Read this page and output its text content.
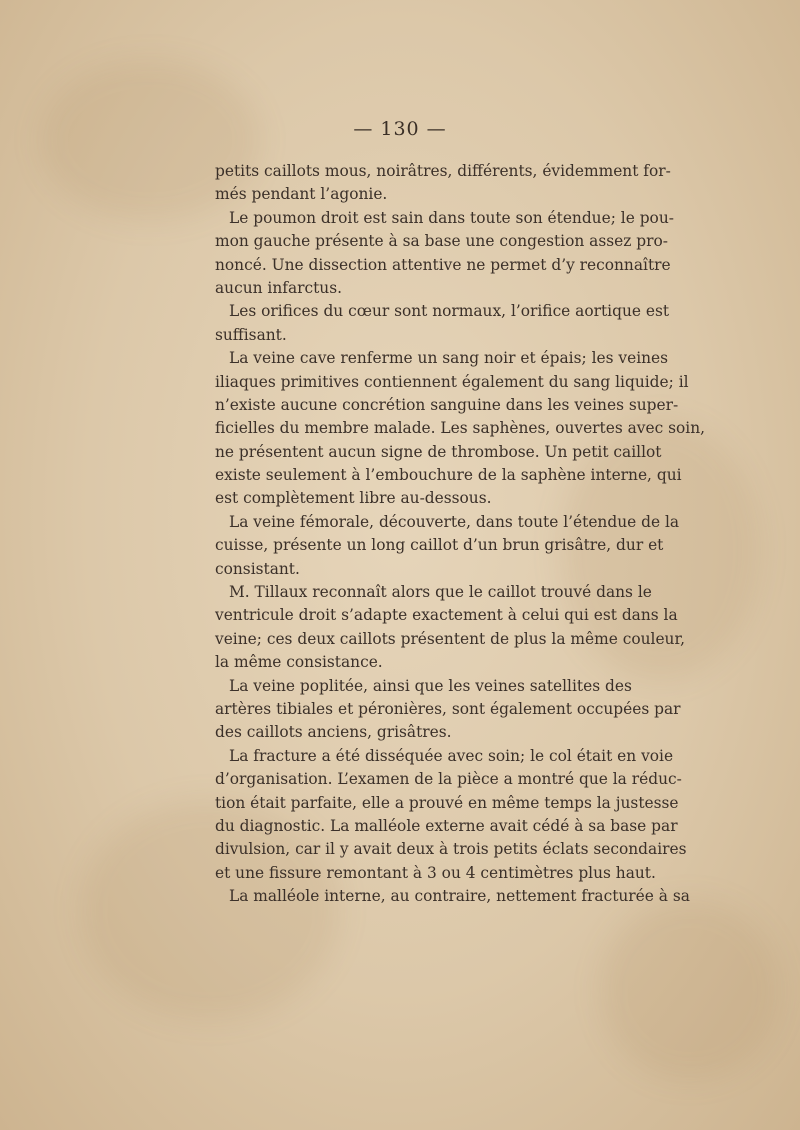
— 130 —
petits caillots mous, noirâtres, différents, évidemment for-
més pendant l’agonie.
Le poumon droit est sain dans toute son étendue; le pou-
mon gauche présente à sa base une congestion assez pro-
noncé. Une dissection attentive ne permet d’y reconnaître
aucun infarctus.
Les orifices du cœur sont normaux, l’orifice aortique est
suffisant.
La veine cave renferme un sang noir et épais; les veines
iliaques primitives contiennent également du sang liquide; il
n’existe aucune concrétion sanguine dans les veines super-
ficielles du membre malade. Les saphènes, ouvertes avec soin,
ne présentent aucun signe de thrombose. Un petit caillot
existe seulement à l’embouchure de la saphène interne, qui
est complètement libre au-dessous.
La veine fémorale, découverte, dans toute l’étendue de la
cuisse, présente un long caillot d’un brun grisâtre, dur et
consistant.
M. Tillaux reconnaît alors que le caillot trouvé dans le
ventricule droit s’adapte exactement à celui qui est dans la
veine; ces deux caillots présentent de plus la même couleur,
la même consistance.
La veine poplitée, ainsi que les veines satellites des
artères tibiales et péronières, sont également occupées par
des caillots anciens, grisâtres.
La fracture a été disséquée avec soin; le col était en voie
d’organisation. L’examen de la pièce a montré que la réduc-
tion était parfaite, elle a prouvé en même temps la justesse
du diagnostic. La malléole externe avait cédé à sa base par
divulsion, car il y avait deux à trois petits éclats secondaires
et une fissure remontant à 3 ou 4 centimètres plus haut.
La malléole interne, au contraire, nettement fracturée à sa
